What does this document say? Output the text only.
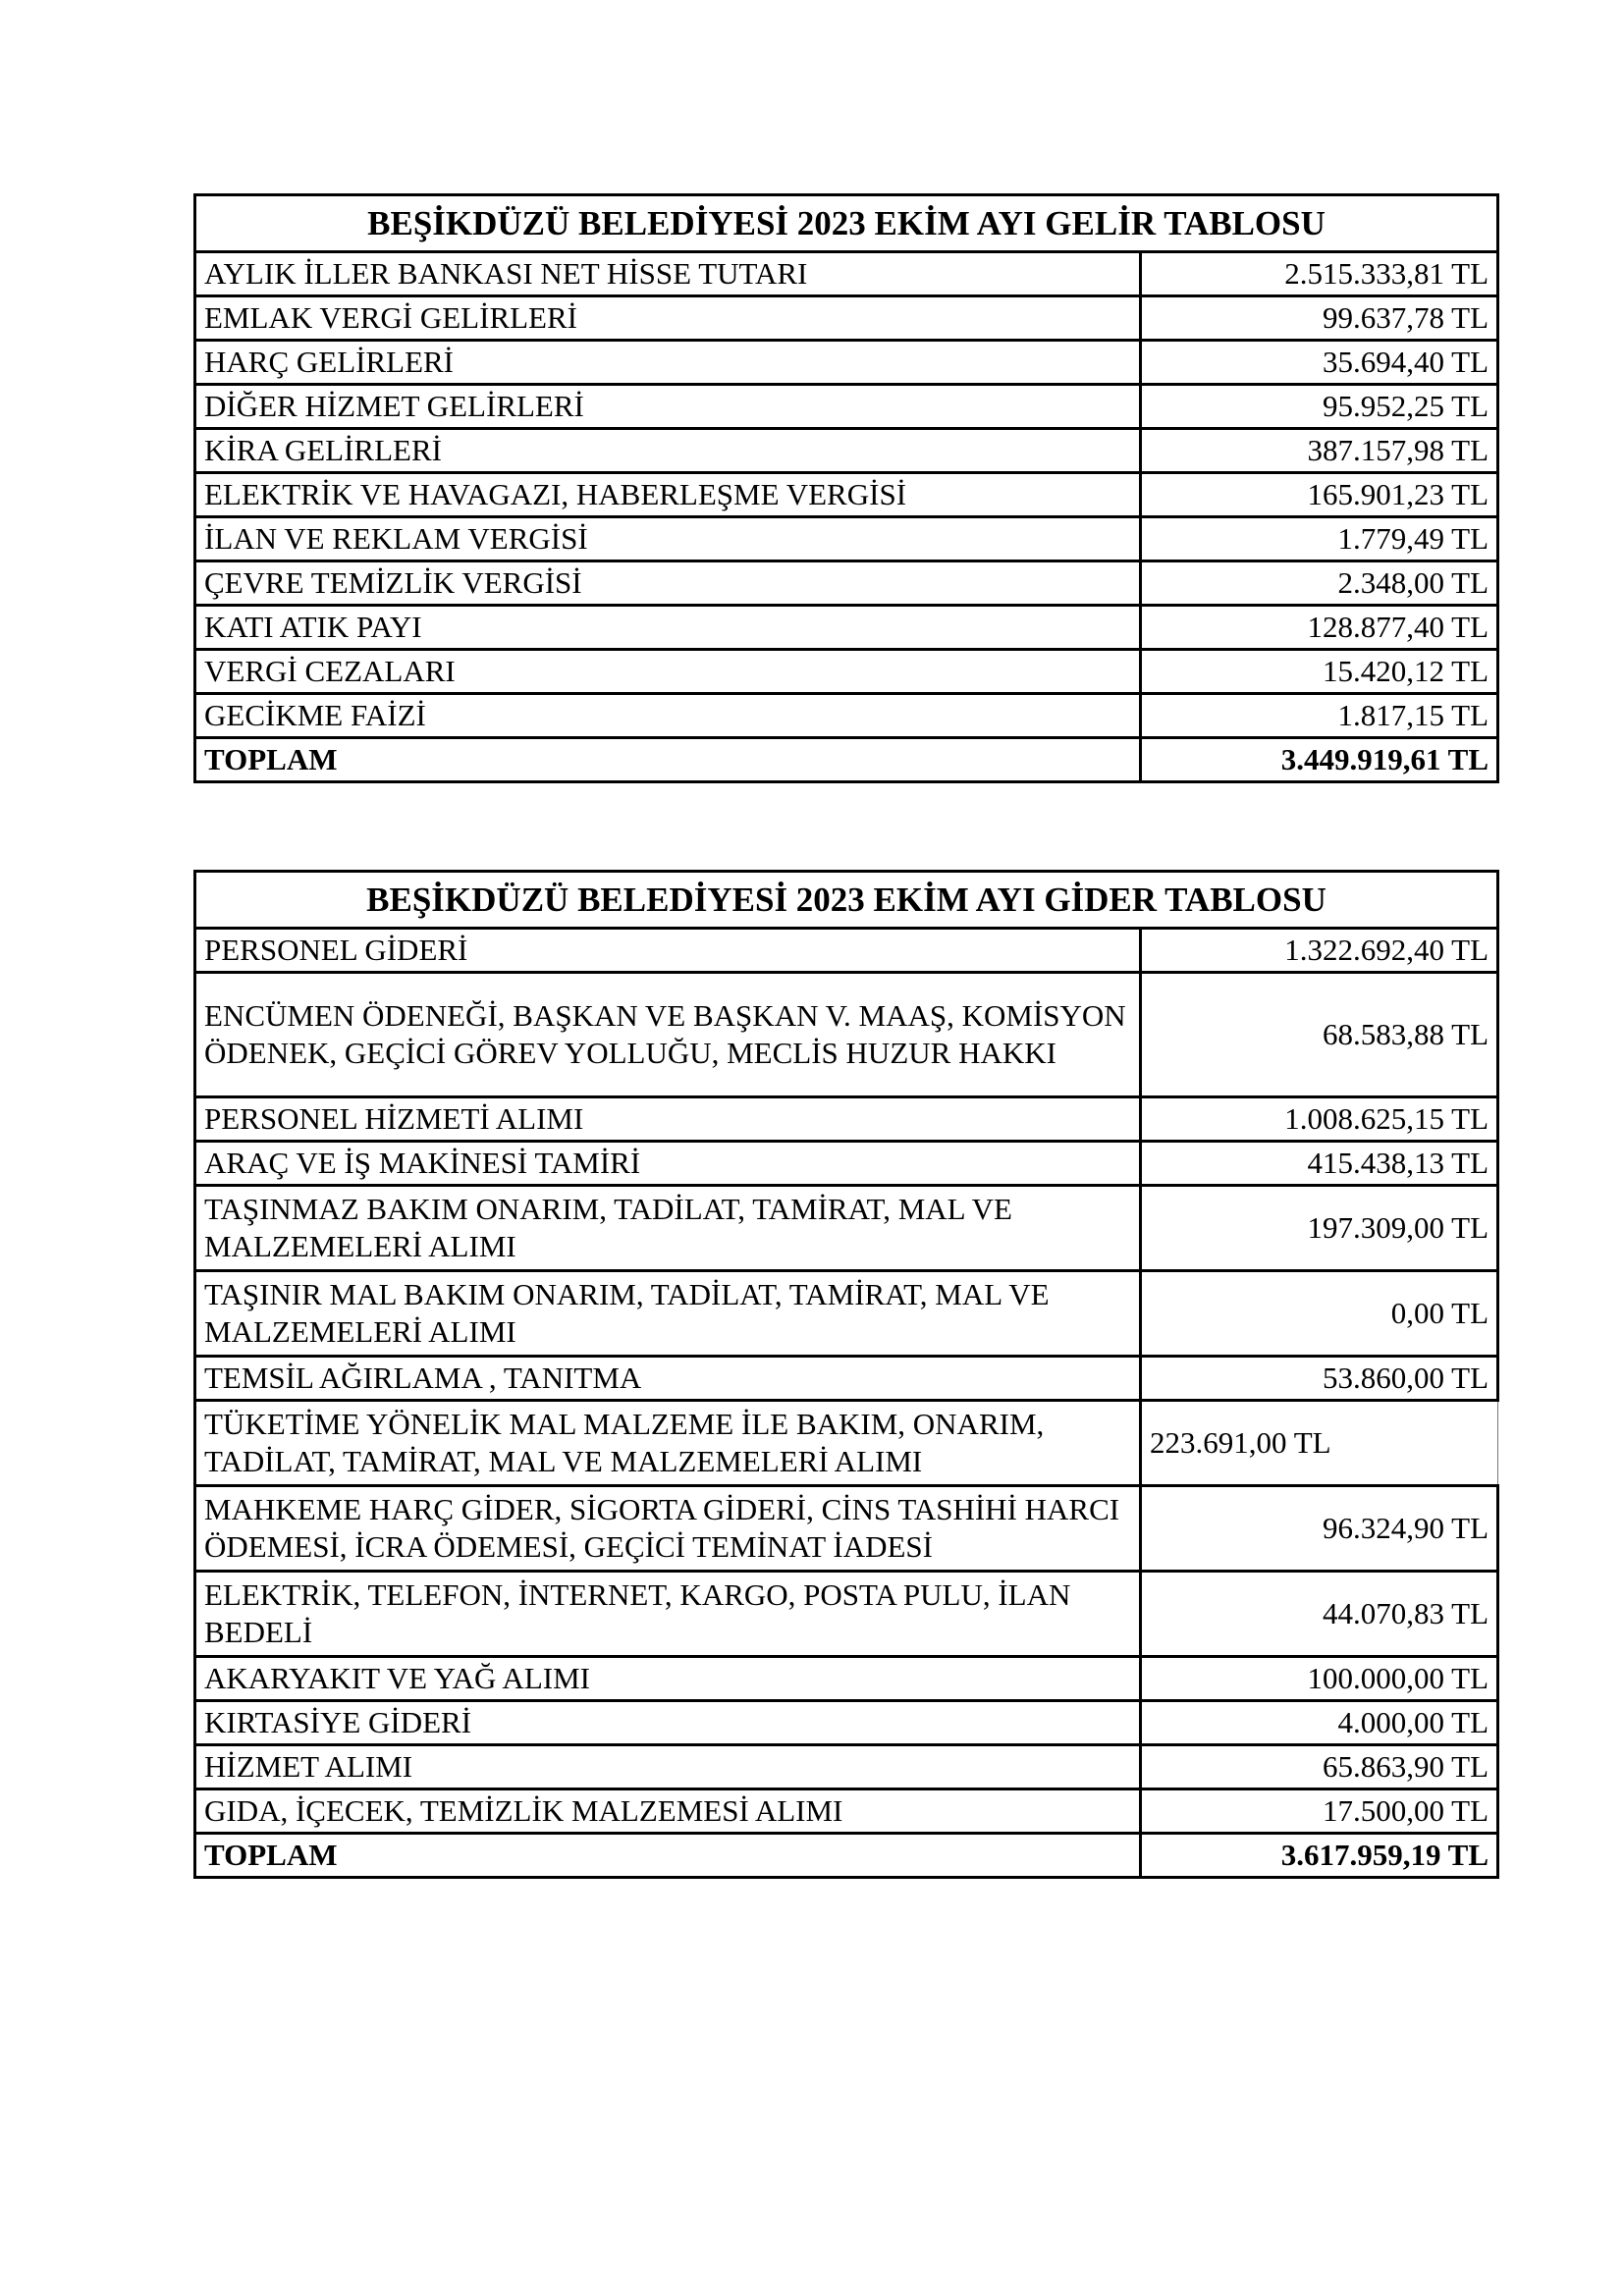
BEŞİKDÜZÜ BELEDİYESİ 2023 EKİM AYI GELİR TABLOSU	
AYLIK İLLER BANKASI NET HİSSE TUTARI	2.515.333,81 TL
EMLAK VERGİ GELİRLERİ	99.637,78 TL
HARÇ GELİRLERİ	35.694,40 TL
DİĞER HİZMET GELİRLERİ	95.952,25 TL
KİRA GELİRLERİ	387.157,98 TL
ELEKTRİK VE HAVAGAZI, HABERLEŞME VERGİSİ	165.901,23 TL
İLAN VE REKLAM VERGİSİ	1.779,49 TL
ÇEVRE TEMİZLİK VERGİSİ	2.348,00 TL
KATI ATIK PAYI	128.877,40 TL
VERGİ CEZALARI	15.420,12 TL
GECİKME FAİZİ	1.817,15 TL
TOPLAM	3.449.919,61 TL
BEŞİKDÜZÜ BELEDİYESİ 2023 EKİM AYI GİDER TABLOSU	
PERSONEL GİDERİ	1.322.692,40 TL
ENCÜMEN ÖDENEĞİ, BAŞKAN VE BAŞKAN V. MAAŞ, KOMİSYON ÖDENEK, GEÇİCİ GÖREV YOLLUĞU, MECLİS HUZUR HAKKI	68.583,88 TL
PERSONEL HİZMETİ ALIMI	1.008.625,15 TL
ARAÇ VE İŞ MAKİNESİ TAMİRİ	415.438,13 TL
TAŞINMAZ BAKIM ONARIM, TADİLAT, TAMİRAT, MAL VE MALZEMELERİ ALIMI	197.309,00 TL
TAŞINIR MAL BAKIM ONARIM, TADİLAT, TAMİRAT, MAL VE MALZEMELERİ ALIMI	0,00 TL
TEMSİL AĞIRLAMA , TANITMA	53.860,00 TL
TÜKETİME YÖNELİK MAL MALZEME İLE BAKIM, ONARIM, TADİLAT, TAMİRAT, MAL VE MALZEMELERİ ALIMI	223.691,00 TL
MAHKEME HARÇ GİDER, SİGORTA GİDERİ, CİNS TASHİHİ HARCI ÖDEMESİ, İCRA ÖDEMESİ, GEÇİCİ TEMİNAT İADESİ	96.324,90 TL
ELEKTRİK, TELEFON, İNTERNET, KARGO, POSTA PULU, İLAN BEDELİ	44.070,83 TL
AKARYAKIT VE YAĞ ALIMI	100.000,00 TL
KIRTASİYE GİDERİ	4.000,00 TL
HİZMET ALIMI	65.863,90 TL
GIDA, İÇECEK, TEMİZLİK MALZEMESİ ALIMI	17.500,00 TL
TOPLAM	3.617.959,19 TL
